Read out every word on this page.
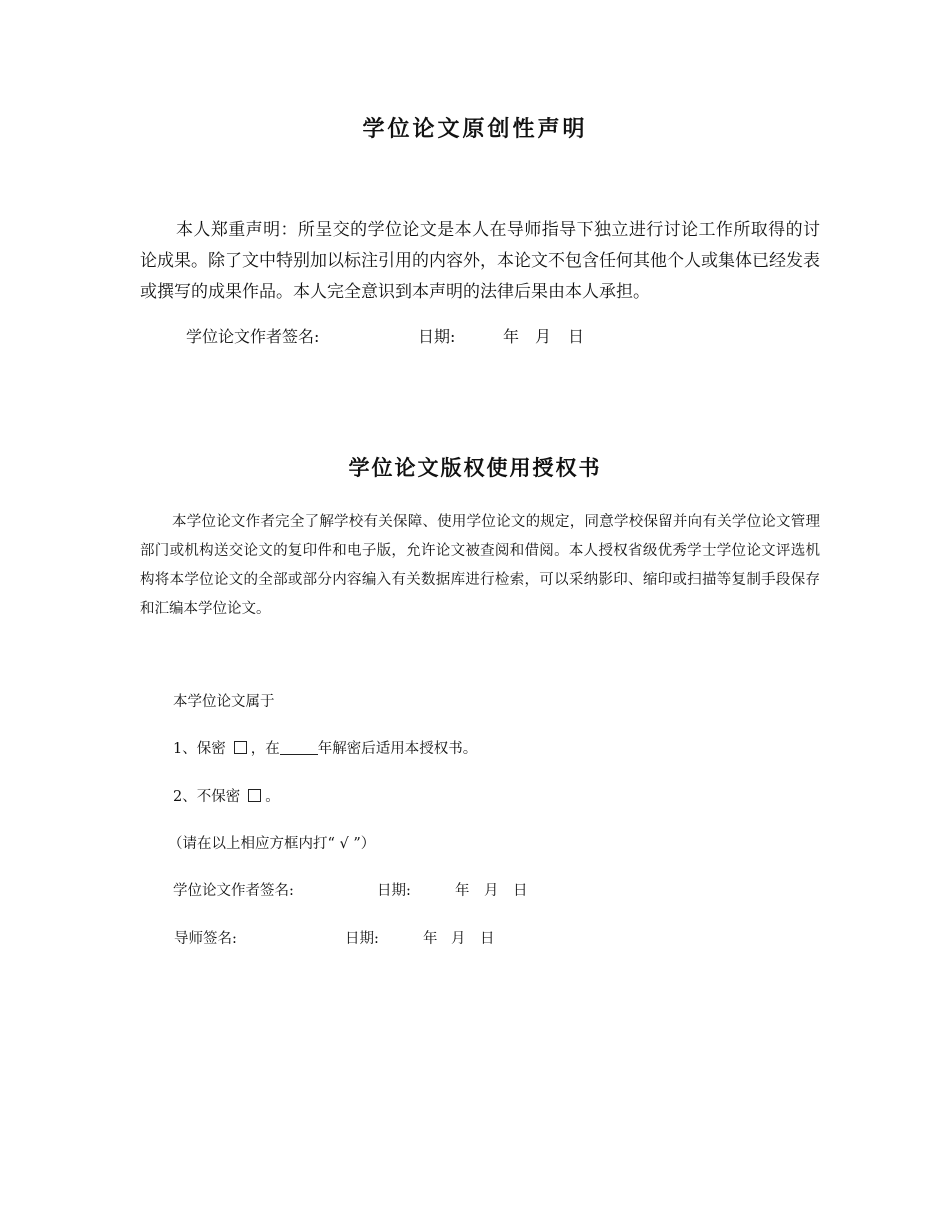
学位论文原创性声明
本人郑重声明：所呈交的学位论文是本人在导师指导下独立进行讨论工作所取得的讨论成果。除了文中特别加以标注引用的内容外，本论文不包含任何其他个人或集体已经发表或撰写的成果作品。本人完全意识到本声明的法律后果由本人承担。
学位论文作者签名:	日期:	年 月 日
学位论文版权使用授权书
本学位论文作者完全了解学校有关保障、使用学位论文的规定，同意学校保留并向有关学位论文管理部门或机构送交论文的复印件和电子版，允许论文被查阅和借阅。本人授权省级优秀学士学位论文评选机构将本学位论文的全部或部分内容编入有关数据库进行检索，可以采纳影印、缩印或扫描等复制手段保存和汇编本学位论文。
本学位论文属于
1、保密 ，在	年解密后适用本授权书。
2、不保密 。
（请在以上相应方框内打“ √ ”）
学位论文作者签名:	日期:	年 月 日
导师签名:	日期:	年 月 日
